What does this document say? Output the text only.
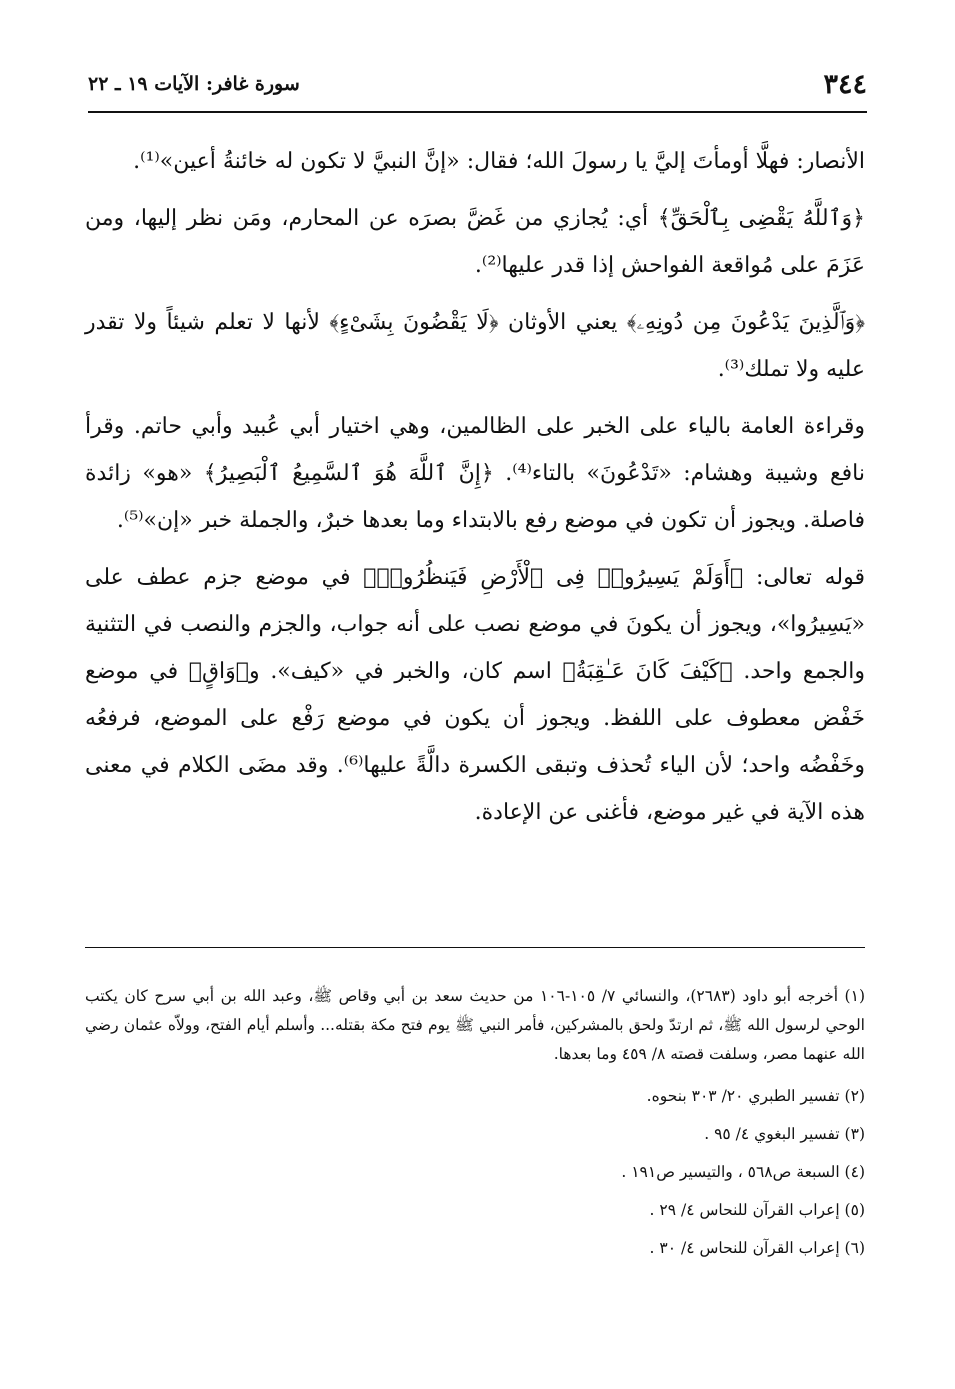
٣٤٤
سورة غافر: الآيات ١٩ ـ ٢٢

الأنصار: فهلَّا أومأتَ إليَّ يا رسولَ الله؛ فقال: «إنَّ النبيَّ لا تكون له خائنةُ أعين»⁽¹⁾.

﴿وَٱللَّهُ يَقْضِى بِٱلْحَقِّ﴾ أي: يُجازي من غَضَّ بصرَه عن المحارم، ومَن نظر إليها، ومن عَزَمَ على مُواقعة الفواحش إذا قدر عليها⁽²⁾.

﴿وَٱلَّذِينَ يَدْعُونَ مِن دُونِهِۦ﴾ يعني الأوثان ﴿لَا يَقْضُونَ بِشَىْءٍ﴾ لأنها لا تعلم شيئاً ولا تقدر عليه ولا تملك⁽³⁾.

وقراءة العامة بالياء على الخبر على الظالمين، وهي اختيار أبي عُبيد وأبي حاتم. وقرأ نافع وشيبة وهشام: «تَدْعُونَ» بالتاء⁽⁴⁾. ﴿إِنَّ ٱللَّهَ هُوَ ٱلسَّمِيعُ ٱلْبَصِيرُ﴾ «هو» زائدة فاصلة. ويجوز أن تكون في موضع رفع بالابتداء وما بعدها خبرٌ، والجملة خبر «إن»⁽⁵⁾.

قوله تعالى: ﴿أَوَلَمْ يَسِيرُوا۟ فِى ٱلْأَرْضِ فَيَنظُرُوا۟﴾ في موضع جزم عطف على «يَسِيرُوا»، ويجوز أن يكونَ في موضع نصب على أنه جواب، والجزم والنصب في التثنية والجمع واحد. ﴿كَيْفَ كَانَ عَـٰقِبَةُ﴾ اسم كان، والخبر في «كيف». و﴿وَاقٍ﴾ في موضع خَفْض معطوف على اللفظ. ويجوز أن يكون في موضع رَفْع على الموضع، فرفعُه وخَفْضُه واحد؛ لأن الياء تُحذف وتبقى الكسرة دالَّةً عليها⁽⁶⁾. وقد مضَى الكلام في معنى هذه الآية في غير موضع، فأغنى عن الإعادة.

(١) أخرجه أبو داود (٢٦٨٣)، والنسائي ٧/ ١٠٥-١٠٦ من حديث سعد بن أبي وقاص ﷺ، وعبد الله بن أبي سرح كان يكتب الوحي لرسول الله ﷺ، ثم ارتدّ ولحق بالمشركين، فأمر النبي ﷺ يوم فتح مكة بقتله... وأسلم أيام الفتح، وولاّه عثمان رضي الله عنهما مصر، وسلفت قصته ٨/ ٤٥٩ وما بعدها.

(٢) تفسير الطبري ٢٠/ ٣٠٣ بنحوه.

(٣) تفسير البغوي ٤/ ٩٥ .

(٤) السبعة ص٥٦٨ ، والتيسير ص١٩١ .

(٥) إعراب القرآن للنحاس ٤/ ٢٩ .

(٦) إعراب القرآن للنحاس ٤/ ٣٠ .
